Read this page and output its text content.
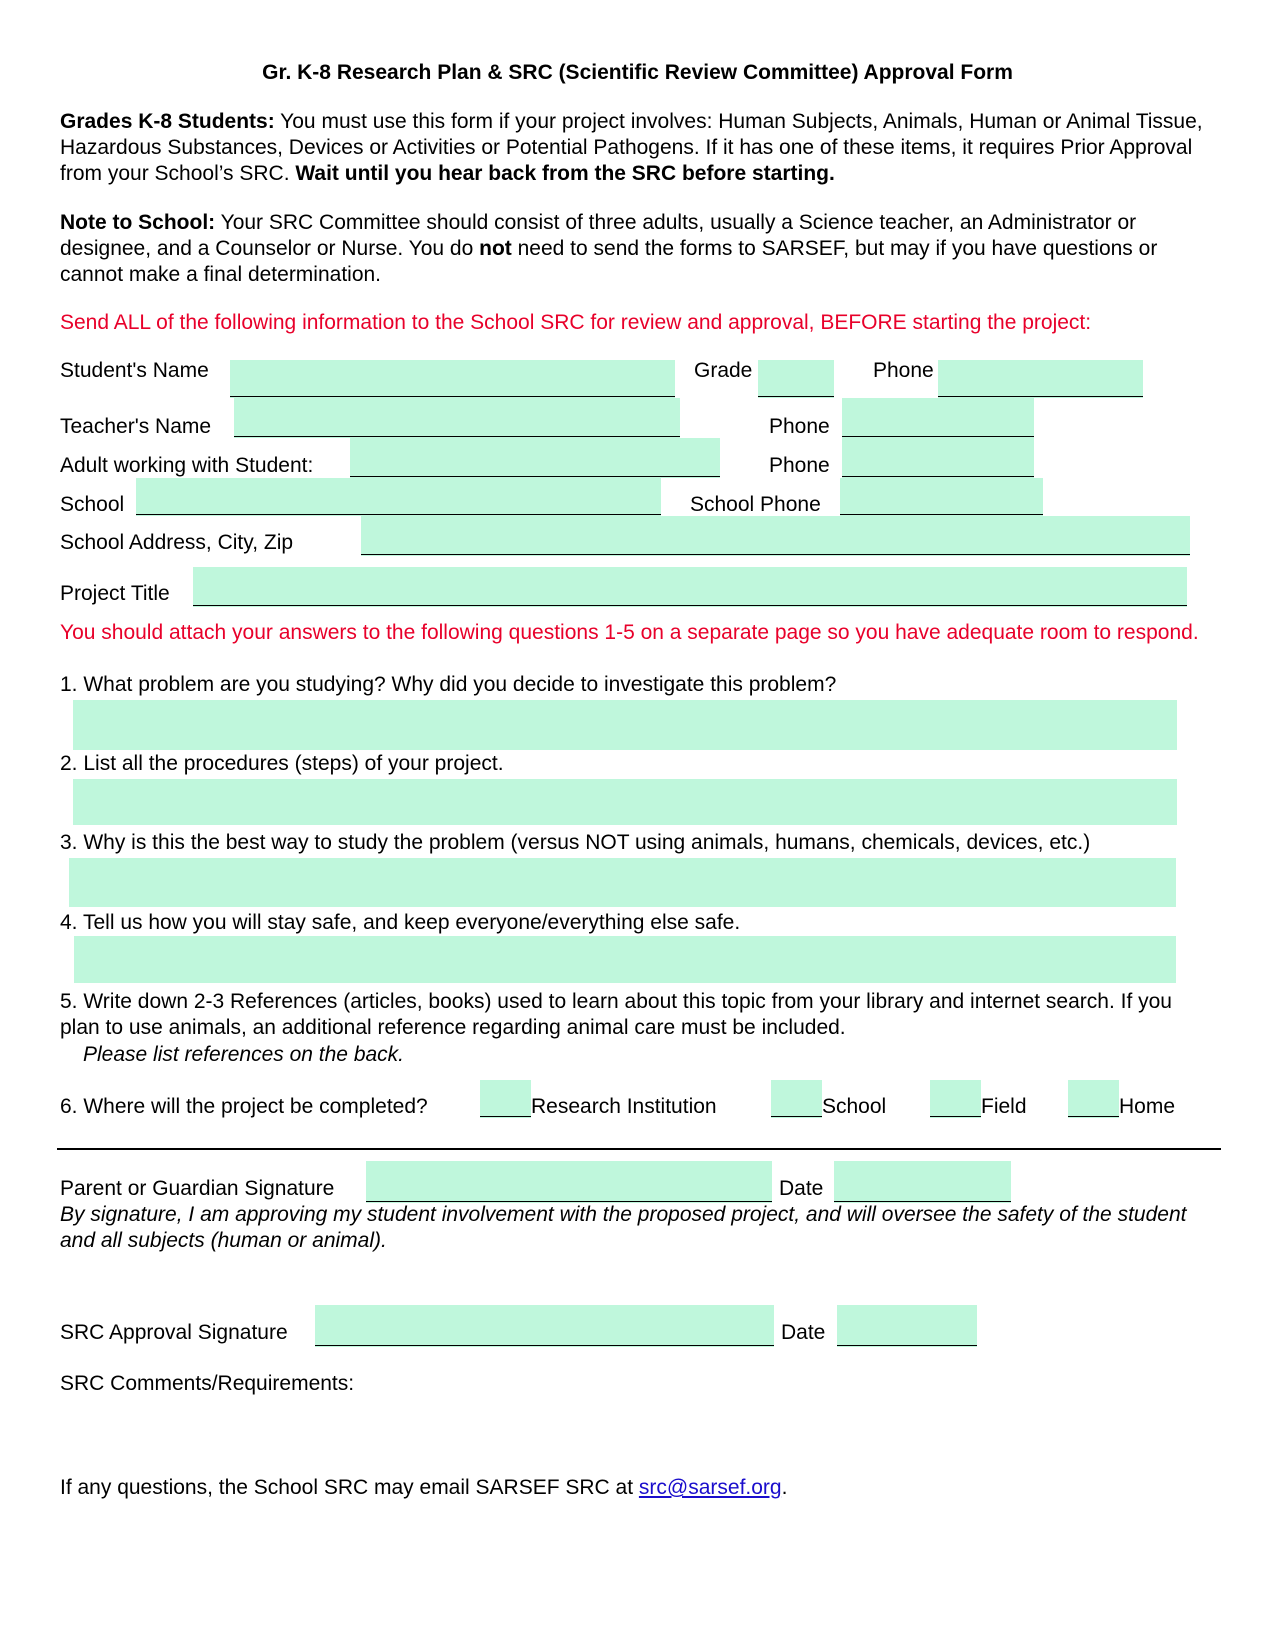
Gr. K-8 Research Plan & SRC (Scientific Review Committee) Approval Form
Grades K-8 Students: You must use this form if your project involves: Human Subjects, Animals, Human or Animal Tissue, Hazardous Substances, Devices or Activities or Potential Pathogens. If it has one of these items, it requires Prior Approval from your School’s SRC. Wait until you hear back from the SRC before starting.
Note to School: Your SRC Committee should consist of three adults, usually a Science teacher, an Administrator or designee, and a Counselor or Nurse. You do not need to send the forms to SARSEF, but may if you have questions or cannot make a final determination.
Send ALL of the following information to the School SRC for review and approval, BEFORE starting the project:
Student's Name	Grade	Phone
Teacher's Name	Phone
Adult working with Student:	Phone
School	School Phone
School Address, City, Zip
Project Title
You should attach your answers to the following questions 1-5 on a separate page so you have adequate room to respond.
1. What problem are you studying? Why did you decide to investigate this problem?
2. List all the procedures (steps) of your project.
3. Why is this the best way to study the problem (versus NOT using animals, humans, chemicals, devices, etc.)
4. Tell us how you will stay safe, and keep everyone/everything else safe.
5. Write down 2-3 References (articles, books) used to learn about this topic from your library and internet search. If you plan to use animals, an additional reference regarding animal care must be included.
Please list references on the back.
6. Where will the project be completed?	Research Institution	School	Field	Home
Parent or Guardian Signature	Date
By signature, I am approving my student involvement with the proposed project, and will oversee the safety of the student and all subjects (human or animal).
SRC Approval Signature	Date
SRC Comments/Requirements:
If any questions, the School SRC may email SARSEF SRC at src@sarsef.org.
